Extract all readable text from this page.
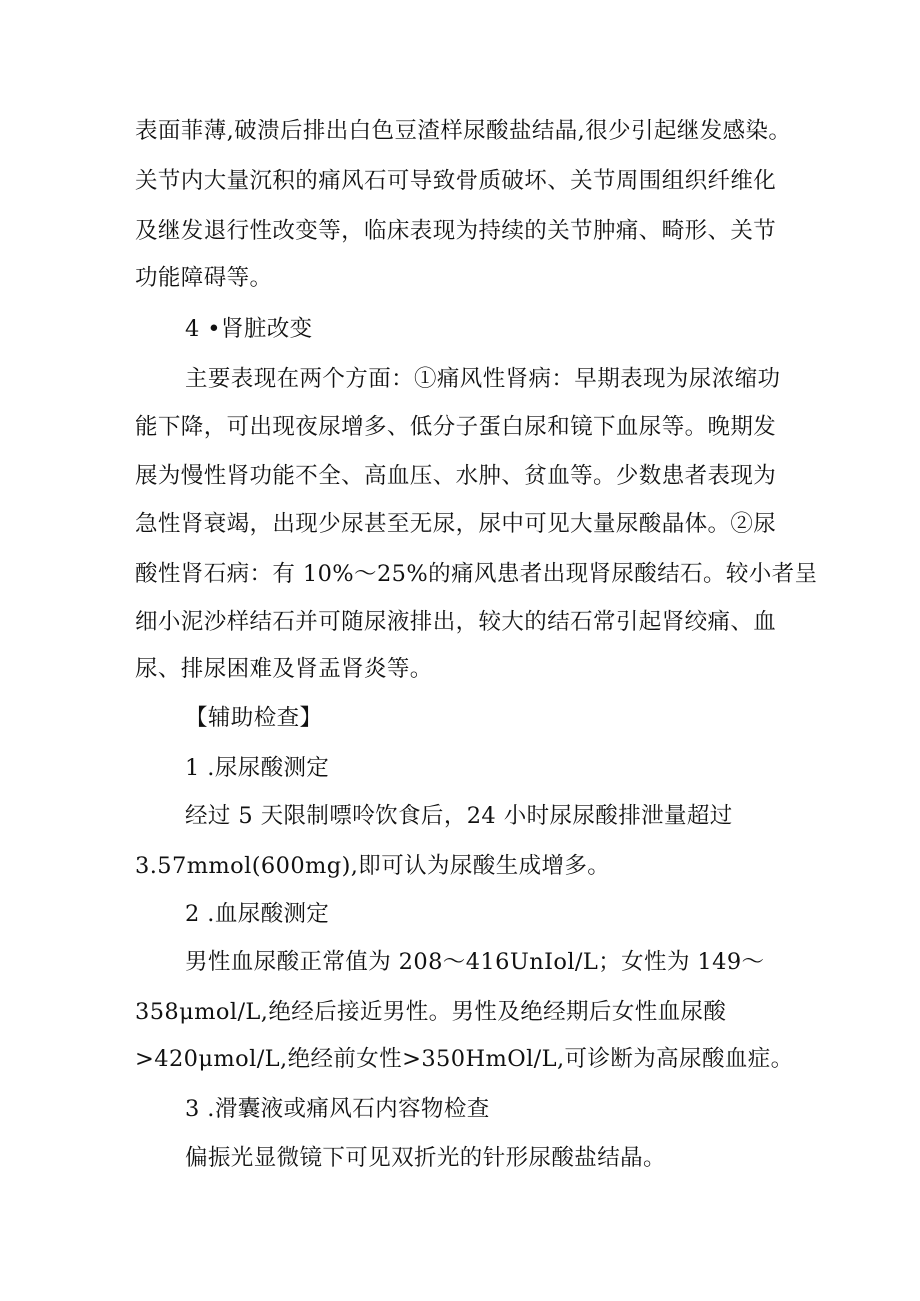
表面菲薄,破溃后排出白色豆渣样尿酸盐结晶,很少引起继发感染。
关节内大量沉积的痛风石可导致骨质破坏、关节周围组织纤维化
及继发退行性改变等，临床表现为持续的关节肿痛、畸形、关节
功能障碍等。
4 •肾脏改变
主要表现在两个方面：①痛风性肾病：早期表现为尿浓缩功
能下降，可出现夜尿增多、低分子蛋白尿和镜下血尿等。晚期发
展为慢性肾功能不全、高血压、水肿、贫血等。少数患者表现为
急性肾衰竭，出现少尿甚至无尿，尿中可见大量尿酸晶体。②尿
酸性肾石病：有 10%～25%的痛风患者出现肾尿酸结石。较小者呈
细小泥沙样结石并可随尿液排出，较大的结石常引起肾绞痛、血
尿、排尿困难及肾盂肾炎等。
【辅助检查】
1 .尿尿酸测定
经过 5 天限制嘌呤饮食后，24 小时尿尿酸排泄量超过
3.57mmol(600mg),即可认为尿酸生成增多。
2 .血尿酸测定
男性血尿酸正常值为 208～416UnIol/L；女性为 149～
358μmol/L,绝经后接近男性。男性及绝经期后女性血尿酸
>420μmol/L,绝经前女性>350HmOl/L,可诊断为高尿酸血症。
3 .滑囊液或痛风石内容物检查
偏振光显微镜下可见双折光的针形尿酸盐结晶。
